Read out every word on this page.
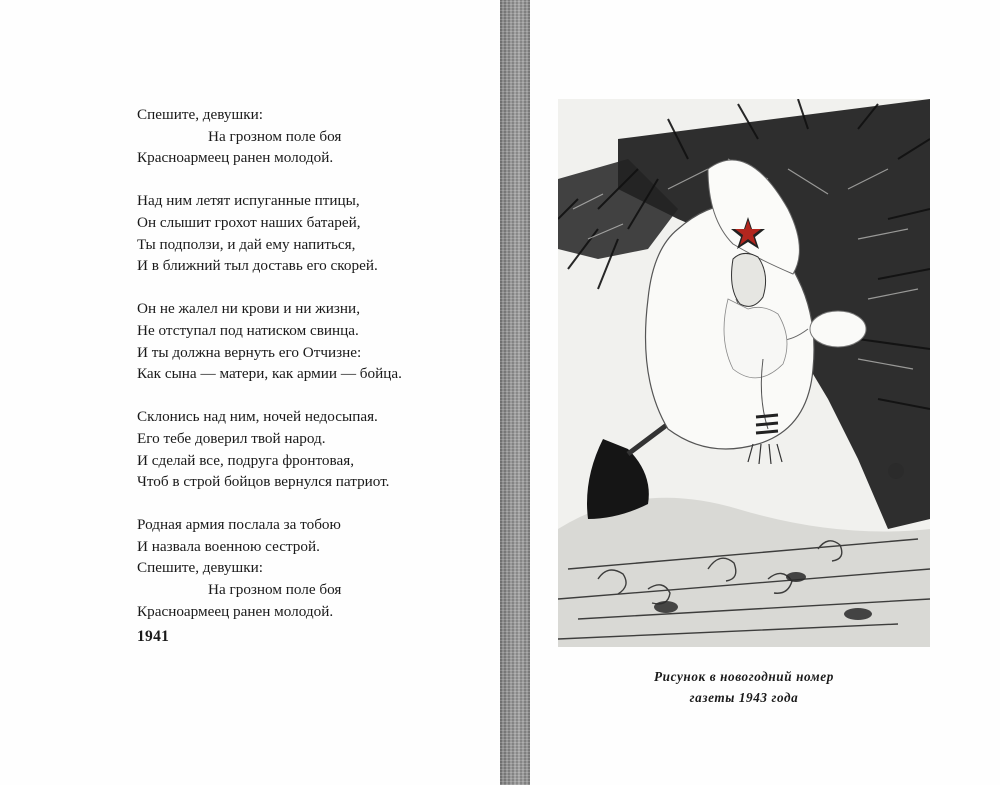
Спешите, девушки:
На грозном поле боя
Красноармеец ранен молодой.
Над ним летят испуганные птицы,
Он слышит грохот наших батарей,
Ты подползи, и дай ему напиться,
И в ближний тыл доставь его скорей.
Он не жалел ни крови и ни жизни,
Не отступал под натиском свинца.
И ты должна вернуть его Отчизне:
Как сына — матери, как армии — бойца.
Склонись над ним, ночей недосыпая.
Его тебе доверил твой народ.
И сделай все, подруга фронтовая,
Чтоб в строй бойцов вернулся патриот.
Родная армия послала за тобою
И назвала военною сестрой.
Спешите, девушки:
На грозном поле боя
Красноармеец ранен молодой.
1941
Рисунок в новогодний номер
газеты 1943 года
